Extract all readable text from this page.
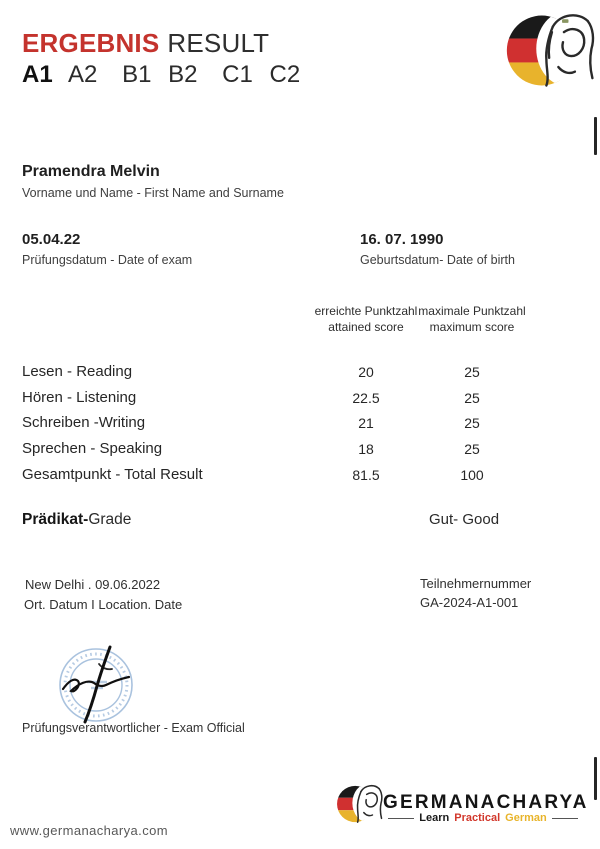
ERGEBNIS RESULT
A1 A2 B1 B2 C1 C2
Pramendra Melvin
Vorname und Name - First Name and Surname
05.04.22
Prüfungsdatum - Date of exam
16. 07. 1990
Geburtsdatum- Date of birth
erreichte Punktzahl
attained score
maximale Punktzahl
maximum score
Lesen - Reading	20	25
Hören - Listening	22.5	25
Schreiben -Writing	21	25
Sprechen - Speaking	18	25
Gesamtpunkt - Total Result	81.5	100
Prädikat-Grade	Gut- Good
New Delhi . 09.06.2022
Ort. Datum I Location. Date
Teilnehmernummer
GA-2024-A1-001
Prüfungsverantwortlicher - Exam Official
GERMANACHARYA
Learn Practical German
www.germanacharya.com
